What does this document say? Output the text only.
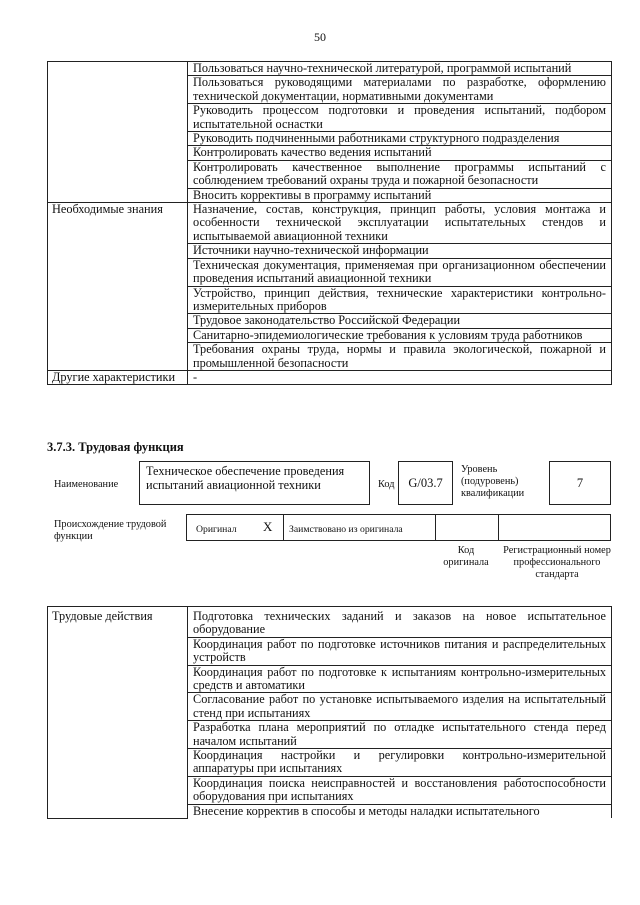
50
	Пользоваться научно-технической литературой, программой испытаний
	Пользоваться руководящими материалами по разработке, оформлению технической документации, нормативными документами
	Руководить процессом подготовки и проведения испытаний, подбором испытательной оснастки
	Руководить подчиненными работниками структурного подразделения
	Контролировать качество ведения испытаний
	Контролировать качественное выполнение программы испытаний с соблюдением требований охраны труда и пожарной безопасности
	Вносить коррективы в программу испытаний
Необходимые знания	Назначение, состав, конструкция, принцип работы, условия монтажа и особенности технической эксплуатации испытательных стендов и испытываемой авиационной техники
	Источники научно-технической информации
	Техническая документация, применяемая при организационном обеспечении проведения испытаний авиационной техники
	Устройство, принцип действия, технические характеристики контрольно-измерительных приборов
	Трудовое законодательство Российской Федерации
	Санитарно-эпидемиологические требования к условиям труда работников
	Требования охраны труда, нормы и правила экологической, пожарной и промышленной безопасности
Другие характеристики	-
3.7.3. Трудовая функция
Наименование
Техническое обеспечение проведения испытаний авиационной техники	Код	G/03.7
Уровень (подуровень) квалификации
7
Происхождение трудовой функции
Оригинал X Заимствовано из оригинала
Код оригинала
Регистрационный номер профессионального стандарта
Трудовые действия	Подготовка технических заданий и заказов на новое испытательное оборудование
Координация работ по подготовке источников питания и распределительных устройств
Координация работ по подготовке к испытаниям контрольно-измерительных средств и автоматики
Согласование работ по установке испытываемого изделия на испытательный стенд при испытаниях
Разработка плана мероприятий по отладке испытательного стенда перед началом испытаний
Координация настройки и регулировки контрольно-измерительной аппаратуры при испытаниях
Координация поиска неисправностей и восстановления работоспособности оборудования при испытаниях
Внесение корректив в способы и методы наладки испытательного
